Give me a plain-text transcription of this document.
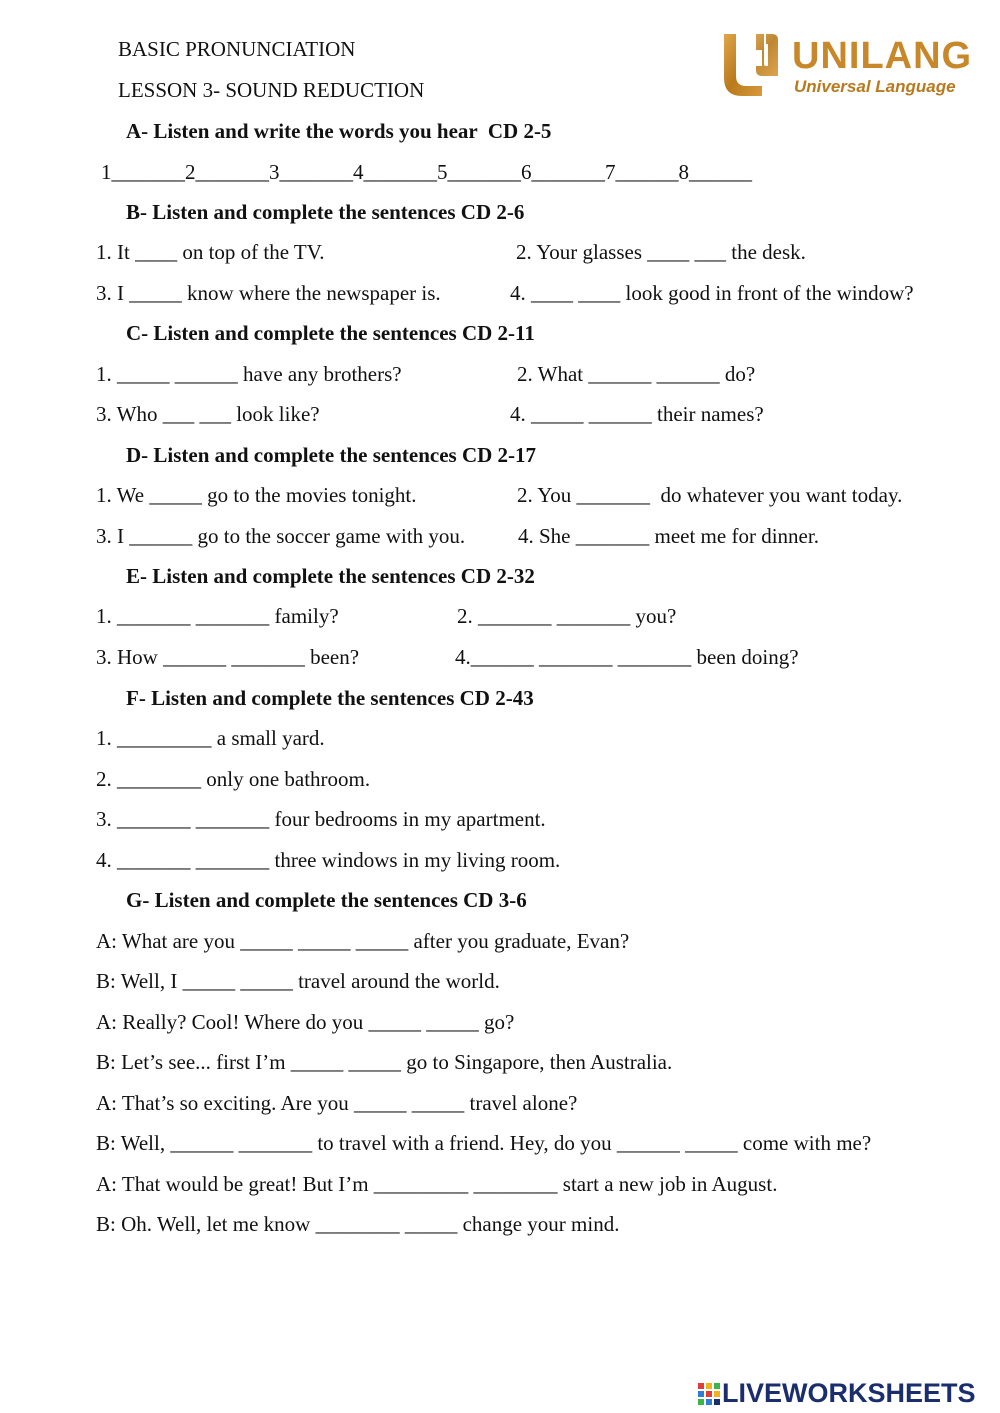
BASIC PRONUNCIATION
LESSON 3- SOUND REDUCTION
UNILANG
Universal Language
A- Listen and write the words you hear  CD 2-5
1_______2_______3_______4_______5_______6_______7______8______
B- Listen and complete the sentences CD 2-6
1. It ____ on top of the TV.	2. Your glasses ____ ___ the desk.
3. I _____ know where the newspaper is.	4. ____ ____ look good in front of the window?
C- Listen and complete the sentences CD 2-11
1. _____ ______ have any brothers?	2. What ______ ______ do?
3. Who ___ ___ look like?	4. _____ ______ their names?
D- Listen and complete the sentences CD 2-17
1. We _____ go to the movies tonight.	2. You _______  do whatever you want today.
3. I ______ go to the soccer game with you.	4. She _______ meet me for dinner.
E- Listen and complete the sentences CD 2-32
1. _______ _______ family?	2. _______ _______ you?
3. How ______ _______ been?	4.______ _______ _______ been doing?
F- Listen and complete the sentences CD 2-43
1. _________ a small yard.
2. ________ only one bathroom.
3. _______ _______ four bedrooms in my apartment.
4. _______ _______ three windows in my living room.
G- Listen and complete the sentences CD 3-6
A: What are you _____ _____ _____ after you graduate, Evan?
B: Well, I _____ _____ travel around the world.
A: Really? Cool! Where do you _____ _____ go?
B: Let’s see... first I’m _____ _____ go to Singapore, then Australia.
A: That’s so exciting. Are you _____ _____ travel alone?
B: Well, ______ _______ to travel with a friend. Hey, do you ______ _____ come with me?
A: That would be great! But I’m _________ ________ start a new job in August.
B: Oh. Well, let me know ________ _____ change your mind.
LIVEWORKSHEETS
